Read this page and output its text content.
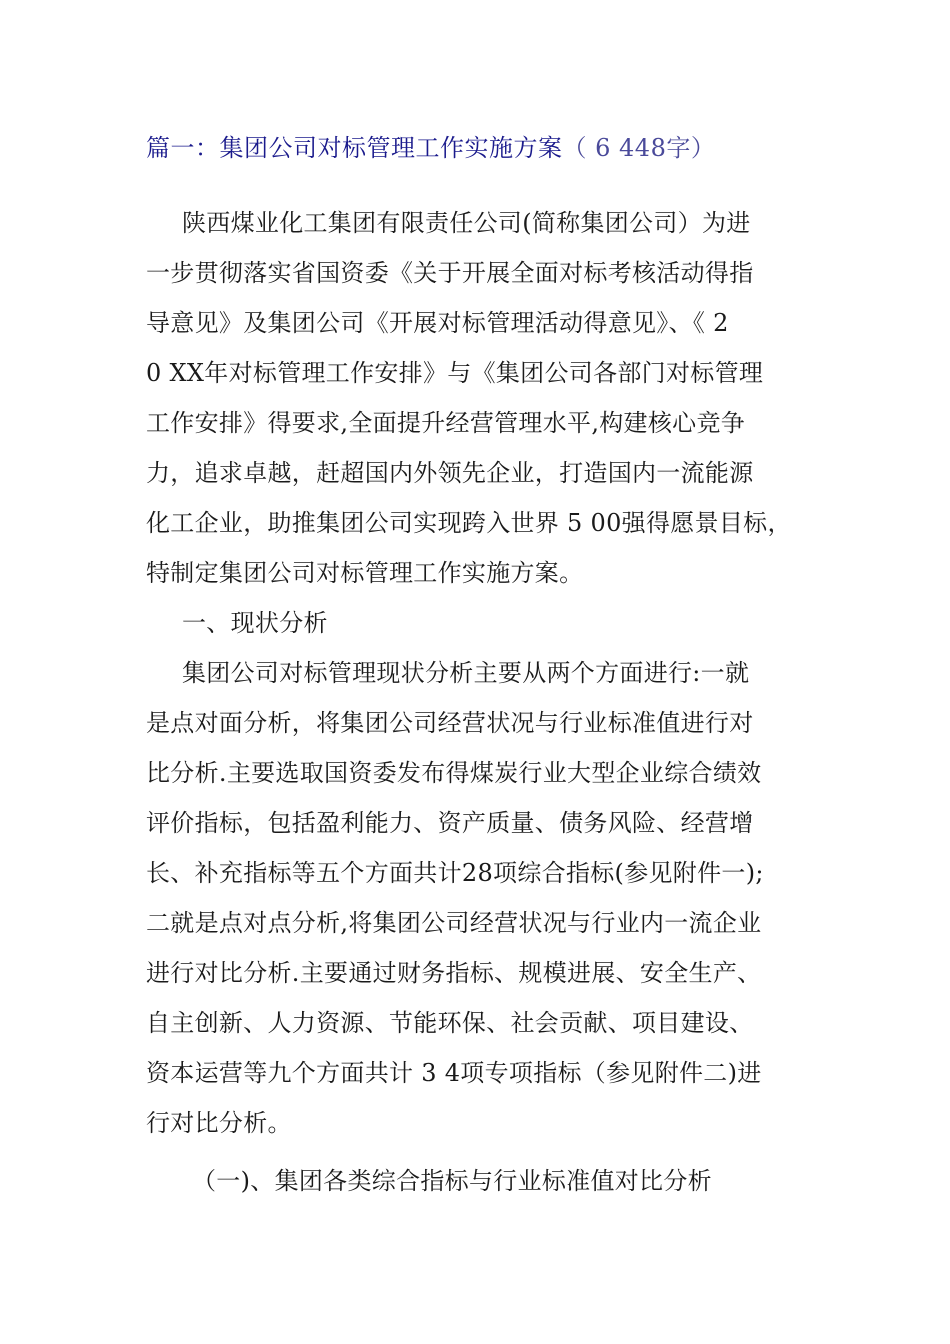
篇一：集团公司对标管理工作实施方案（ 6 448字）
陕西煤业化工集团有限责任公司(简称集团公司）为进
一步贯彻落实省国资委《关于开展全面对标考核活动得指
导意见》及集团公司《开展对标管理活动得意见》、《 2
0 XX年对标管理工作安排》与《集团公司各部门对标管理
工作安排》得要求,全面提升经营管理水平,构建核心竞争
力，追求卓越，赶超国内外领先企业，打造国内一流能源
化工企业，助推集团公司实现跨入世界 5 00强得愿景目标，
特制定集团公司对标管理工作实施方案。
一、现状分析
集团公司对标管理现状分析主要从两个方面进行:一就
是点对面分析，将集团公司经营状况与行业标准值进行对
比分析.主要选取国资委发布得煤炭行业大型企业综合绩效
评价指标，包括盈利能力、资产质量、债务风险、经营增
长、补充指标等五个方面共计28项综合指标(参见附件一);
二就是点对点分析,将集团公司经营状况与行业内一流企业
进行对比分析.主要通过财务指标、规模进展、安全生产、
自主创新、人力资源、节能环保、社会贡献、项目建设、
资本运营等九个方面共计 3 4项专项指标（参见附件二)进
行对比分析。
（一)、集团各类综合指标与行业标准值对比分析
